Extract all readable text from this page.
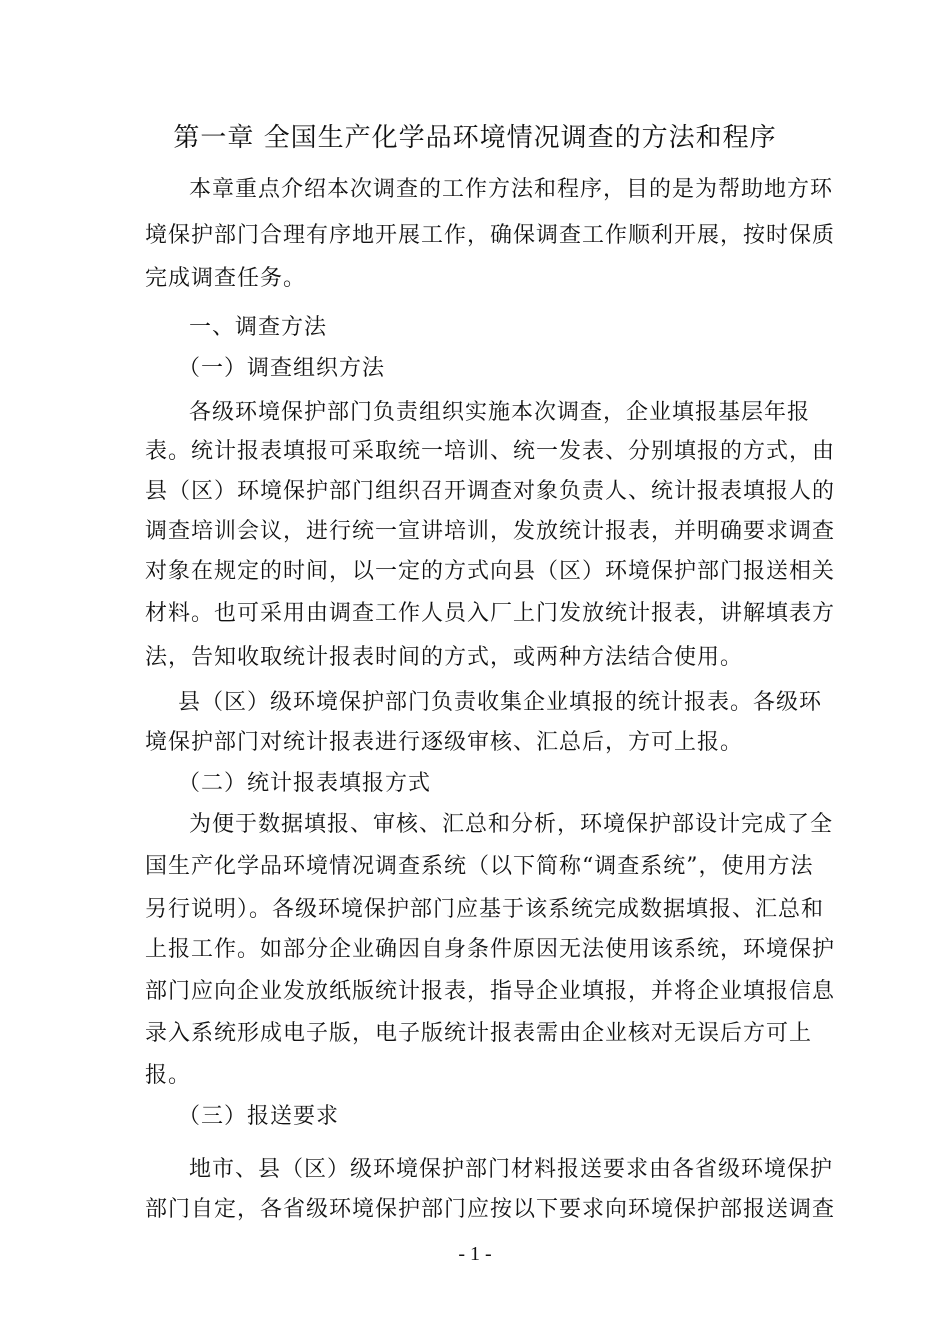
第一章 全国生产化学品环境情况调查的方法和程序
本章重点介绍本次调查的工作方法和程序，目的是为帮助地方环
境保护部门合理有序地开展工作，确保调查工作顺利开展，按时保质
完成调查任务。
一、调查方法
（一）调查组织方法
各级环境保护部门负责组织实施本次调查，企业填报基层年报
表。统计报表填报可采取统一培训、统一发表、分别填报的方式，由
县（区）环境保护部门组织召开调查对象负责人、统计报表填报人的
调查培训会议，进行统一宣讲培训，发放统计报表，并明确要求调查
对象在规定的时间，以一定的方式向县（区）环境保护部门报送相关
材料。也可采用由调查工作人员入厂上门发放统计报表，讲解填表方
法，告知收取统计报表时间的方式，或两种方法结合使用。
县（区）级环境保护部门负责收集企业填报的统计报表。各级环
境保护部门对统计报表进行逐级审核、汇总后，方可上报。
（二）统计报表填报方式
为便于数据填报、审核、汇总和分析，环境保护部设计完成了全
国生产化学品环境情况调查系统（以下简称“调查系统”，使用方法
另行说明）。各级环境保护部门应基于该系统完成数据填报、汇总和
上报工作。如部分企业确因自身条件原因无法使用该系统，环境保护
部门应向企业发放纸版统计报表，指导企业填报，并将企业填报信息
录入系统形成电子版，电子版统计报表需由企业核对无误后方可上
报。
（三）报送要求
地市、县（区）级环境保护部门材料报送要求由各省级环境保护
部门自定，各省级环境保护部门应按以下要求向环境保护部报送调查
- 1 -
